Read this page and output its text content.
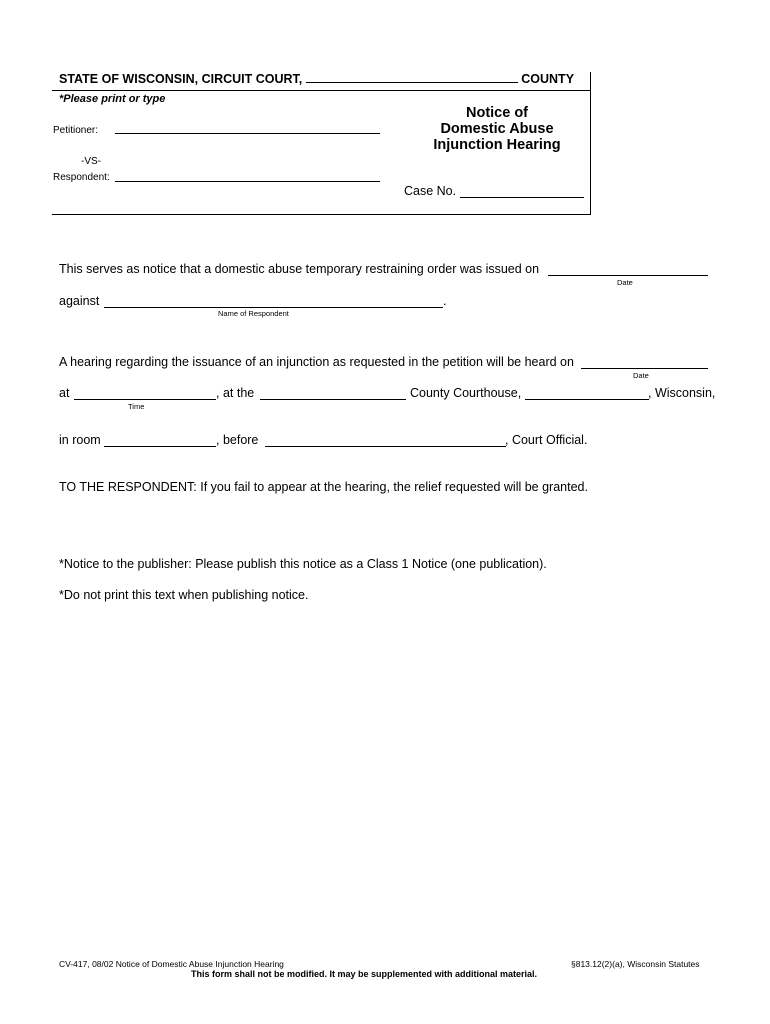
STATE OF WISCONSIN, CIRCUIT COURT,	COUNTY
*Please print or type
Petitioner:
-VS-
Respondent:
Notice of
Domestic Abuse
Injunction Hearing
Case No.
This serves as notice that a domestic abuse temporary restraining order was issued on
Date
against	.
Name of Respondent
A hearing regarding the issuance of an injunction as requested in the petition will be heard on
Date
at	, at the	County Courthouse,	, Wisconsin,
Time
in room	, before	, Court Official.
TO THE RESPONDENT: If you fail to appear at the hearing, the relief requested will be granted.
*Notice to the publisher: Please publish this notice as a Class 1 Notice (one publication).
*Do not print this text when publishing notice.
CV-417, 08/02 Notice of Domestic Abuse Injunction Hearing	§813.12(2)(a), Wisconsin Statutes
This form shall not be modified. It may be supplemented with additional material.
